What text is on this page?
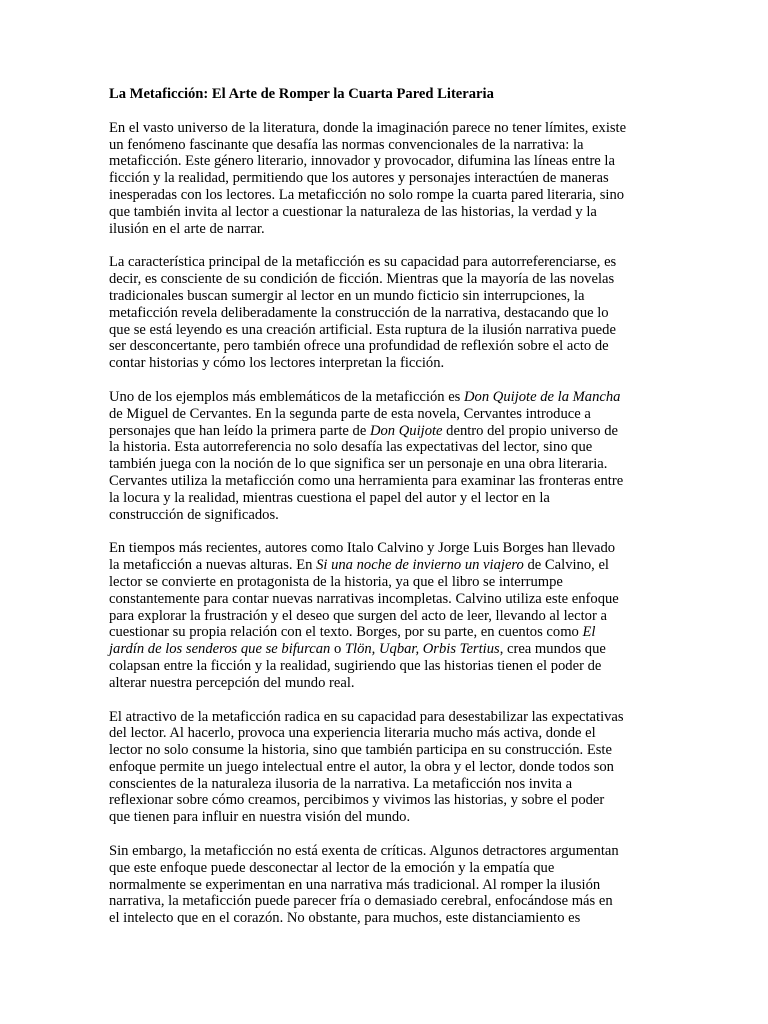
La Metaficción: El Arte de Romper la Cuarta Pared Literaria
En el vasto universo de la literatura, donde la imaginación parece no tener límites, existe
un fenómeno fascinante que desafía las normas convencionales de la narrativa: la
metaficción. Este género literario, innovador y provocador, difumina las líneas entre la
ficción y la realidad, permitiendo que los autores y personajes interactúen de maneras
inesperadas con los lectores. La metaficción no solo rompe la cuarta pared literaria, sino
que también invita al lector a cuestionar la naturaleza de las historias, la verdad y la
ilusión en el arte de narrar.
La característica principal de la metaficción es su capacidad para autorreferenciarse, es
decir, es consciente de su condición de ficción. Mientras que la mayoría de las novelas
tradicionales buscan sumergir al lector en un mundo ficticio sin interrupciones, la
metaficción revela deliberadamente la construcción de la narrativa, destacando que lo
que se está leyendo es una creación artificial. Esta ruptura de la ilusión narrativa puede
ser desconcertante, pero también ofrece una profundidad de reflexión sobre el acto de
contar historias y cómo los lectores interpretan la ficción.
Uno de los ejemplos más emblemáticos de la metaficción es Don Quijote de la Mancha
de Miguel de Cervantes. En la segunda parte de esta novela, Cervantes introduce a
personajes que han leído la primera parte de Don Quijote dentro del propio universo de
la historia. Esta autorreferencia no solo desafía las expectativas del lector, sino que
también juega con la noción de lo que significa ser un personaje en una obra literaria.
Cervantes utiliza la metaficción como una herramienta para examinar las fronteras entre
la locura y la realidad, mientras cuestiona el papel del autor y el lector en la
construcción de significados.
En tiempos más recientes, autores como Italo Calvino y Jorge Luis Borges han llevado
la metaficción a nuevas alturas. En Si una noche de invierno un viajero de Calvino, el
lector se convierte en protagonista de la historia, ya que el libro se interrumpe
constantemente para contar nuevas narrativas incompletas. Calvino utiliza este enfoque
para explorar la frustración y el deseo que surgen del acto de leer, llevando al lector a
cuestionar su propia relación con el texto. Borges, por su parte, en cuentos como El
jardín de los senderos que se bifurcan o Tlön, Uqbar, Orbis Tertius, crea mundos que
colapsan entre la ficción y la realidad, sugiriendo que las historias tienen el poder de
alterar nuestra percepción del mundo real.
El atractivo de la metaficción radica en su capacidad para desestabilizar las expectativas
del lector. Al hacerlo, provoca una experiencia literaria mucho más activa, donde el
lector no solo consume la historia, sino que también participa en su construcción. Este
enfoque permite un juego intelectual entre el autor, la obra y el lector, donde todos son
conscientes de la naturaleza ilusoria de la narrativa. La metaficción nos invita a
reflexionar sobre cómo creamos, percibimos y vivimos las historias, y sobre el poder
que tienen para influir en nuestra visión del mundo.
Sin embargo, la metaficción no está exenta de críticas. Algunos detractores argumentan
que este enfoque puede desconectar al lector de la emoción y la empatía que
normalmente se experimentan en una narrativa más tradicional. Al romper la ilusión
narrativa, la metaficción puede parecer fría o demasiado cerebral, enfocándose más en
el intelecto que en el corazón. No obstante, para muchos, este distanciamiento es
